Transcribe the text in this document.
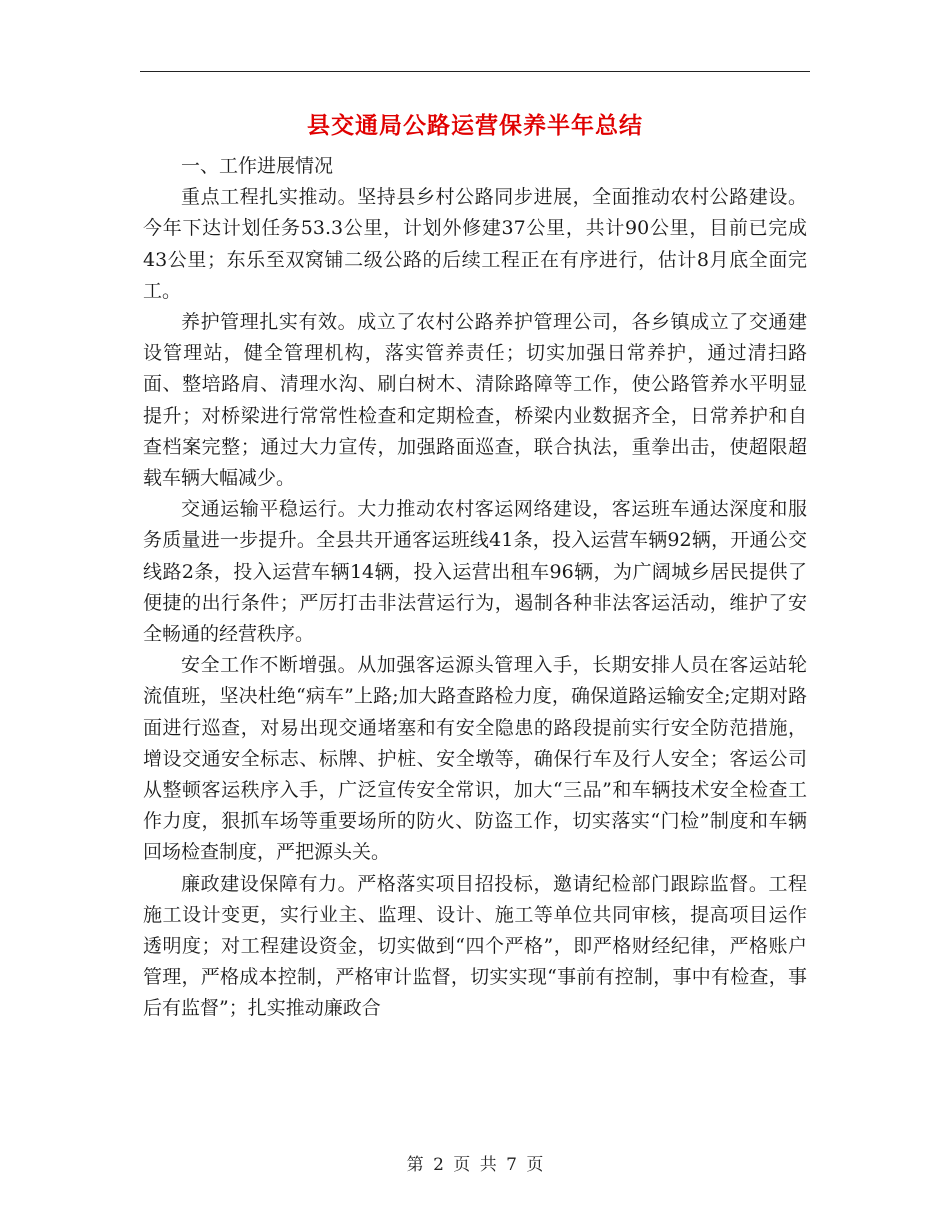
县交通局公路运营保养半年总结

一、工作进展情况

重点工程扎实推动。坚持县乡村公路同步进展，全面推动农村公路建设。今年下达计划任务53.3公里，计划外修建37公里，共计90公里，目前已完成43公里；东乐至双窝铺二级公路的后续工程正在有序进行，估计8月底全面完工。

养护管理扎实有效。成立了农村公路养护管理公司，各乡镇成立了交通建设管理站，健全管理机构，落实管养责任；切实加强日常养护，通过清扫路面、整培路肩、清理水沟、刷白树木、清除路障等工作，使公路管养水平明显提升；对桥梁进行常常性检查和定期检查，桥梁内业数据齐全，日常养护和自查档案完整；通过大力宣传，加强路面巡查，联合执法，重拳出击，使超限超载车辆大幅减少。

交通运输平稳运行。大力推动农村客运网络建设，客运班车通达深度和服务质量进一步提升。全县共开通客运班线41条，投入运营车辆92辆，开通公交线路2条，投入运营车辆14辆，投入运营出租车96辆，为广阔城乡居民提供了便捷的出行条件；严厉打击非法营运行为，遏制各种非法客运活动，维护了安全畅通的经营秩序。

安全工作不断增强。从加强客运源头管理入手，长期安排人员在客运站轮流值班，坚决杜绝“病车”上路;加大路查路检力度，确保道路运输安全;定期对路面进行巡查，对易出现交通堵塞和有安全隐患的路段提前实行安全防范措施，增设交通安全标志、标牌、护桩、安全墩等，确保行车及行人安全；客运公司从整顿客运秩序入手，广泛宣传安全常识，加大“三品”和车辆技术安全检查工作力度，狠抓车场等重要场所的防火、防盗工作，切实落实“门检”制度和车辆回场检查制度，严把源头关。

廉政建设保障有力。严格落实项目招投标，邀请纪检部门跟踪监督。工程施工设计变更，实行业主、监理、设计、施工等单位共同审核，提高项目运作透明度；对工程建设资金，切实做到“四个严格”，即严格财经纪律，严格账户管理，严格成本控制，严格审计监督，切实实现“事前有控制，事中有检查，事后有监督”；扎实推动廉政合

第 2 页 共 7 页
